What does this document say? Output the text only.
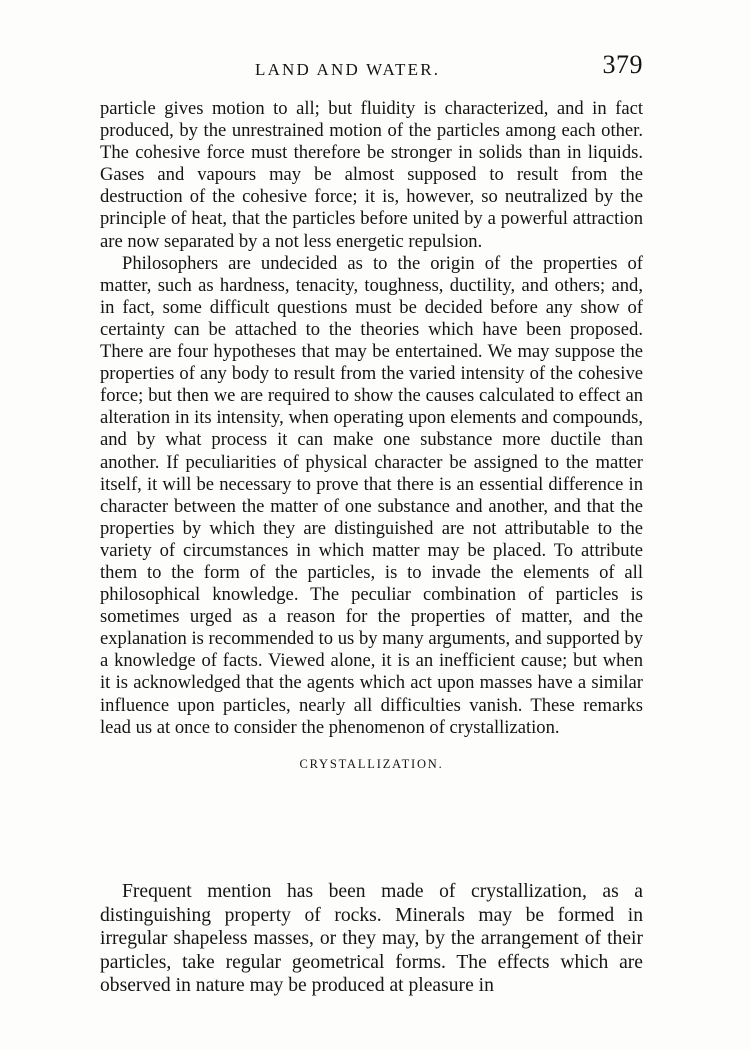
LAND AND WATER.	379

particle gives motion to all; but fluidity is characterized, and in fact produced, by the unrestrained motion of the particles among each other. The cohesive force must therefore be stronger in solids than in liquids. Gases and vapours may be almost supposed to result from the destruction of the cohesive force; it is, however, so neutralized by the principle of heat, that the particles before united by a powerful attraction are now separated by a not less energetic repulsion.

Philosophers are undecided as to the origin of the properties of matter, such as hardness, tenacity, toughness, ductility, and others; and, in fact, some difficult questions must be decided before any show of certainty can be attached to the theories which have been proposed. There are four hypotheses that may be entertained. We may suppose the properties of any body to result from the varied intensity of the cohesive force; but then we are required to show the causes calculated to effect an alteration in its intensity, when operating upon elements and compounds, and by what process it can make one substance more ductile than another. If peculiarities of physical character be assigned to the matter itself, it will be necessary to prove that there is an essential difference in character between the matter of one substance and another, and that the properties by which they are distinguished are not attributable to the variety of circumstances in which matter may be placed. To attribute them to the form of the particles, is to invade the elements of all philosophical knowledge. The peculiar combination of particles is sometimes urged as a reason for the properties of matter, and the explanation is recommended to us by many arguments, and supported by a knowledge of facts. Viewed alone, it is an inefficient cause; but when it is acknowledged that the agents which act upon masses have a similar influence upon particles, nearly all difficulties vanish. These remarks lead us at once to consider the phenomenon of crystallization.

CRYSTALLIZATION.

Frequent mention has been made of crystallization, as a distinguishing property of rocks. Minerals may be formed in irregular shapeless masses, or they may, by the arrangement of their particles, take regular geometrical forms. The effects which are observed in nature may be produced at pleasure in
